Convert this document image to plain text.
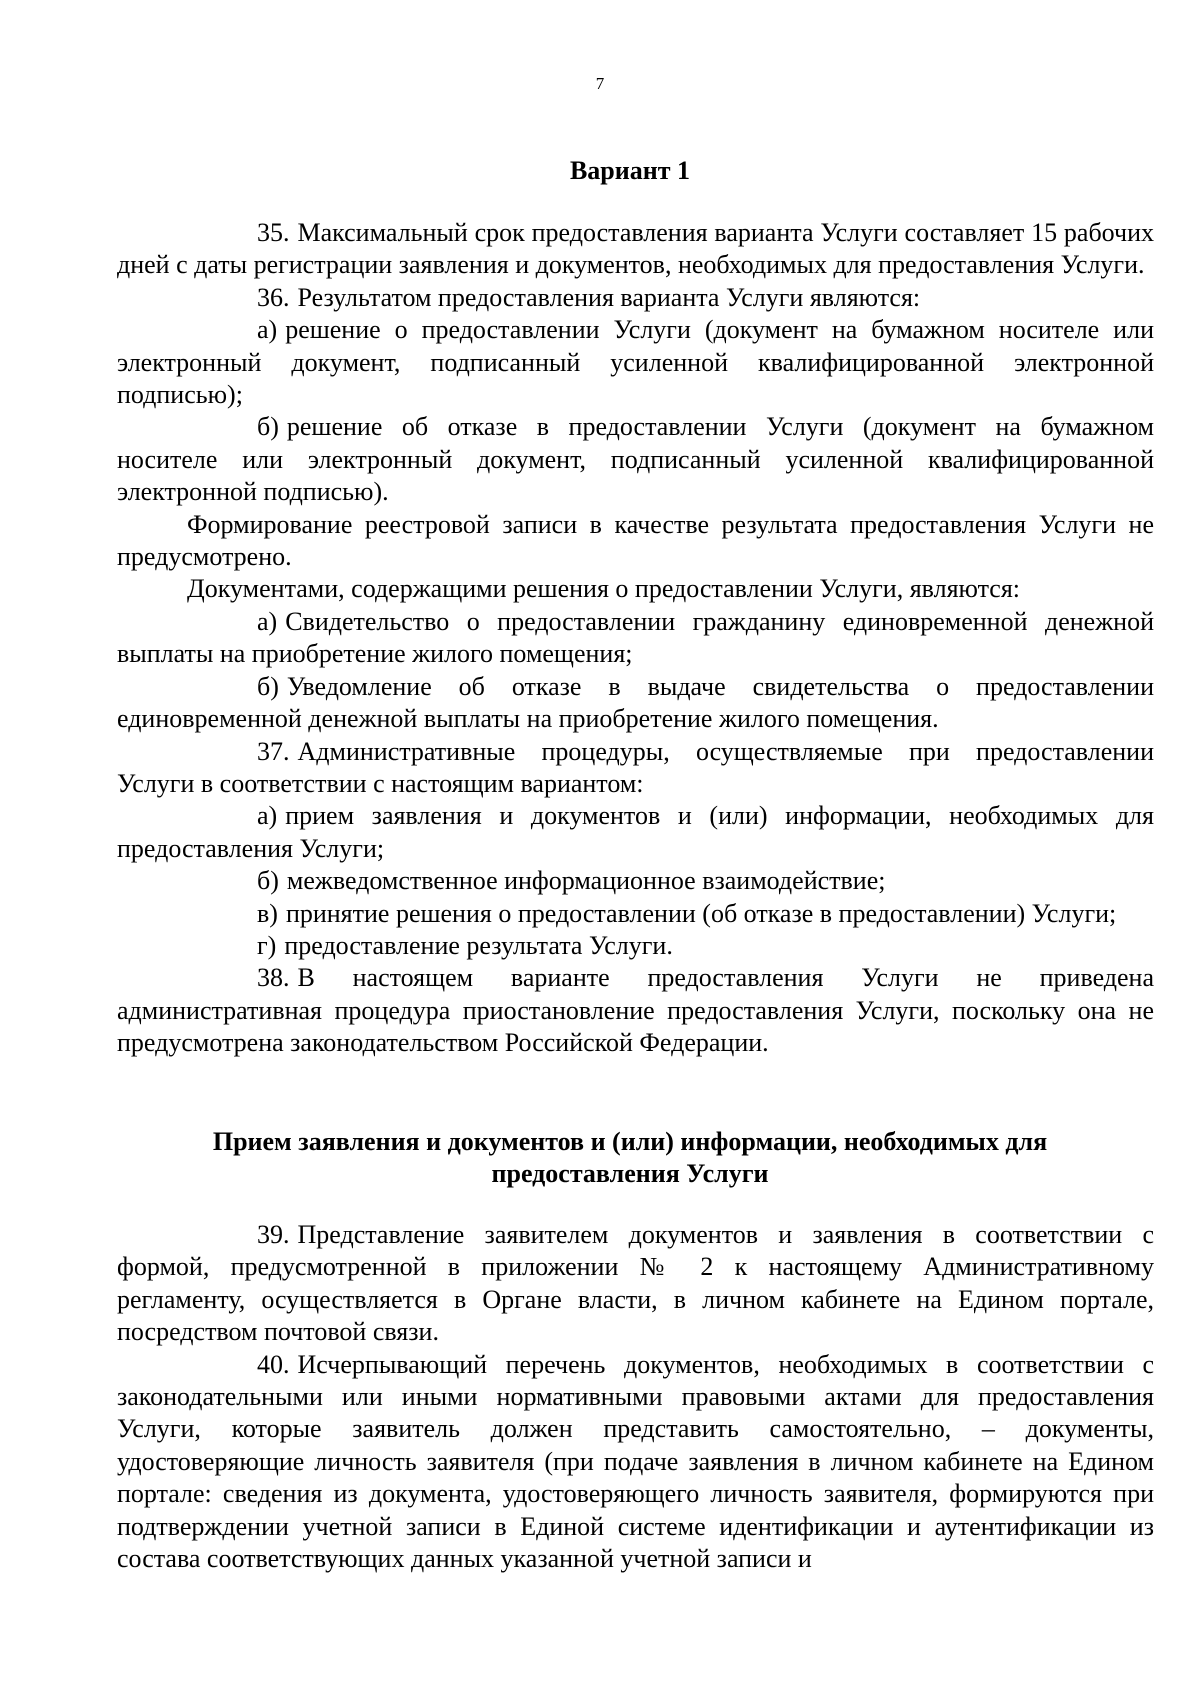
7
Вариант 1

35. Максимальный срок предоставления варианта Услуги составляет 15 рабочих дней с даты регистрации заявления и документов, необходимых для предоставления Услуги.

36. Результатом предоставления варианта Услуги являются:

а) решение о предоставлении Услуги (документ на бумажном носителе или электронный документ, подписанный усиленной квалифицированной электронной подписью);

б) решение об отказе в предоставлении Услуги (документ на бумажном носителе или электронный документ, подписанный усиленной квалифицированной электронной подписью).

Формирование реестровой записи в качестве результата предоставления Услуги не предусмотрено.

Документами, содержащими решения о предоставлении Услуги, являются:

а) Свидетельство о предоставлении гражданину единовременной денежной выплаты на приобретение жилого помещения;

б) Уведомление об отказе в выдаче свидетельства о предоставлении единовременной денежной выплаты на приобретение жилого помещения.

37. Административные процедуры, осуществляемые при предоставлении Услуги в соответствии с настоящим вариантом:

а) прием заявления и документов и (или) информации, необходимых для предоставления Услуги;

б) межведомственное информационное взаимодействие;

в) принятие решения о предоставлении (об отказе в предоставлении) Услуги;

г) предоставление результата Услуги.

38. В настоящем варианте предоставления Услуги не приведена административная процедура приостановление предоставления Услуги, поскольку она не предусмотрена законодательством Российской Федерации.

Прием заявления и документов и (или) информации, необходимых для предоставления Услуги

39. Представление заявителем документов и заявления в соответствии с формой, предусмотренной в приложении № 2 к настоящему Административному регламенту, осуществляется в Органе власти, в личном кабинете на Едином портале, посредством почтовой связи.

40. Исчерпывающий перечень документов, необходимых в соответствии с законодательными или иными нормативными правовыми актами для предоставления Услуги, которые заявитель должен представить самостоятельно, – документы, удостоверяющие личность заявителя (при подаче заявления в личном кабинете на Едином портале: сведения из документа, удостоверяющего личность заявителя, формируются при подтверждении учетной записи в Единой системе идентификации и аутентификации из состава соответствующих данных указанной учетной записи и
